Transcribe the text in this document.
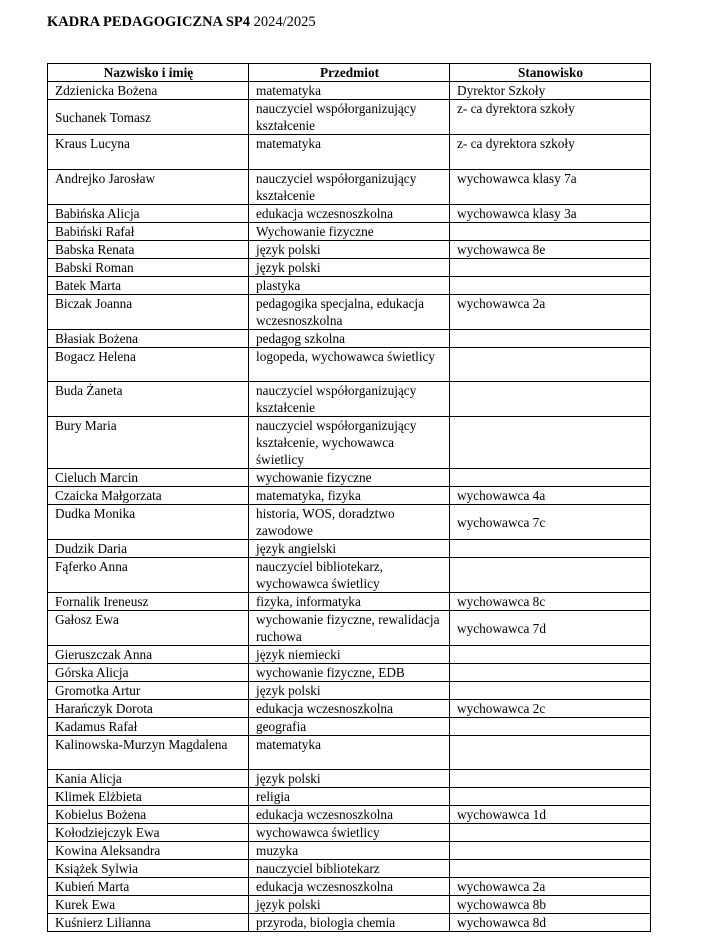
KADRA PEDAGOGICZNA SP4 2024/2025
Nazwisko i imię	Przedmiot	Stanowisko
Zdzienicka Bożena	matematyka	Dyrektor Szkoły
Suchanek Tomasz	nauczyciel współorganizujący kształcenie	z- ca dyrektora szkoły
Kraus Lucyna	matematyka	z- ca dyrektora szkoły
Andrejko Jarosław	nauczyciel współorganizujący kształcenie	wychowawca klasy 7a
Babińska Alicja	edukacja wczesnoszkolna	wychowawca klasy 3a
Babiński Rafał	Wychowanie fizyczne	
Babska Renata	język polski	wychowawca 8e
Babski Roman	język polski	
Batek Marta	plastyka	
Biczak Joanna	pedagogika specjalna, edukacja wczesnoszkolna	wychowawca 2a
Błasiak Bożena	pedagog szkolna	
Bogacz Helena	logopeda, wychowawca świetlicy	
Buda Żaneta	nauczyciel współorganizujący kształcenie	
Bury Maria	nauczyciel współorganizujący kształcenie, wychowawca świetlicy	
Cieluch Marcin	wychowanie fizyczne	
Czaicka Małgorzata	matematyka, fizyka	wychowawca 4a
Dudka Monika	historia, WOS, doradztwo zawodowe	wychowawca 7c
Dudzik Daria	język angielski	
Fąferko Anna	nauczyciel bibliotekarz, wychowawca świetlicy	
Fornalik Ireneusz	fizyka, informatyka	wychowawca 8c
Gałosz Ewa	wychowanie fizyczne, rewalidacja ruchowa	wychowawca 7d
Gieruszczak Anna	język niemiecki	
Górska Alicja	wychowanie fizyczne, EDB	
Gromotka Artur	język polski	
Harańczyk Dorota	edukacja wczesnoszkolna	wychowawca 2c
Kadamus Rafał	geografia	
Kalinowska-Murzyn Magdalena	matematyka	
Kania Alicja	język polski	
Klimek Elżbieta	religia	
Kobielus Bożena	edukacja wczesnoszkolna	wychowawca 1d
Kołodziejczyk Ewa	wychowawca świetlicy	
Kowina Aleksandra	muzyka	
Książek Sylwia	nauczyciel bibliotekarz	
Kubień Marta	edukacja wczesnoszkolna	wychowawca 2a
Kurek Ewa	język polski	wychowawca 8b
Kuśnierz Lilianna	przyroda, biologia chemia	wychowawca 8d
